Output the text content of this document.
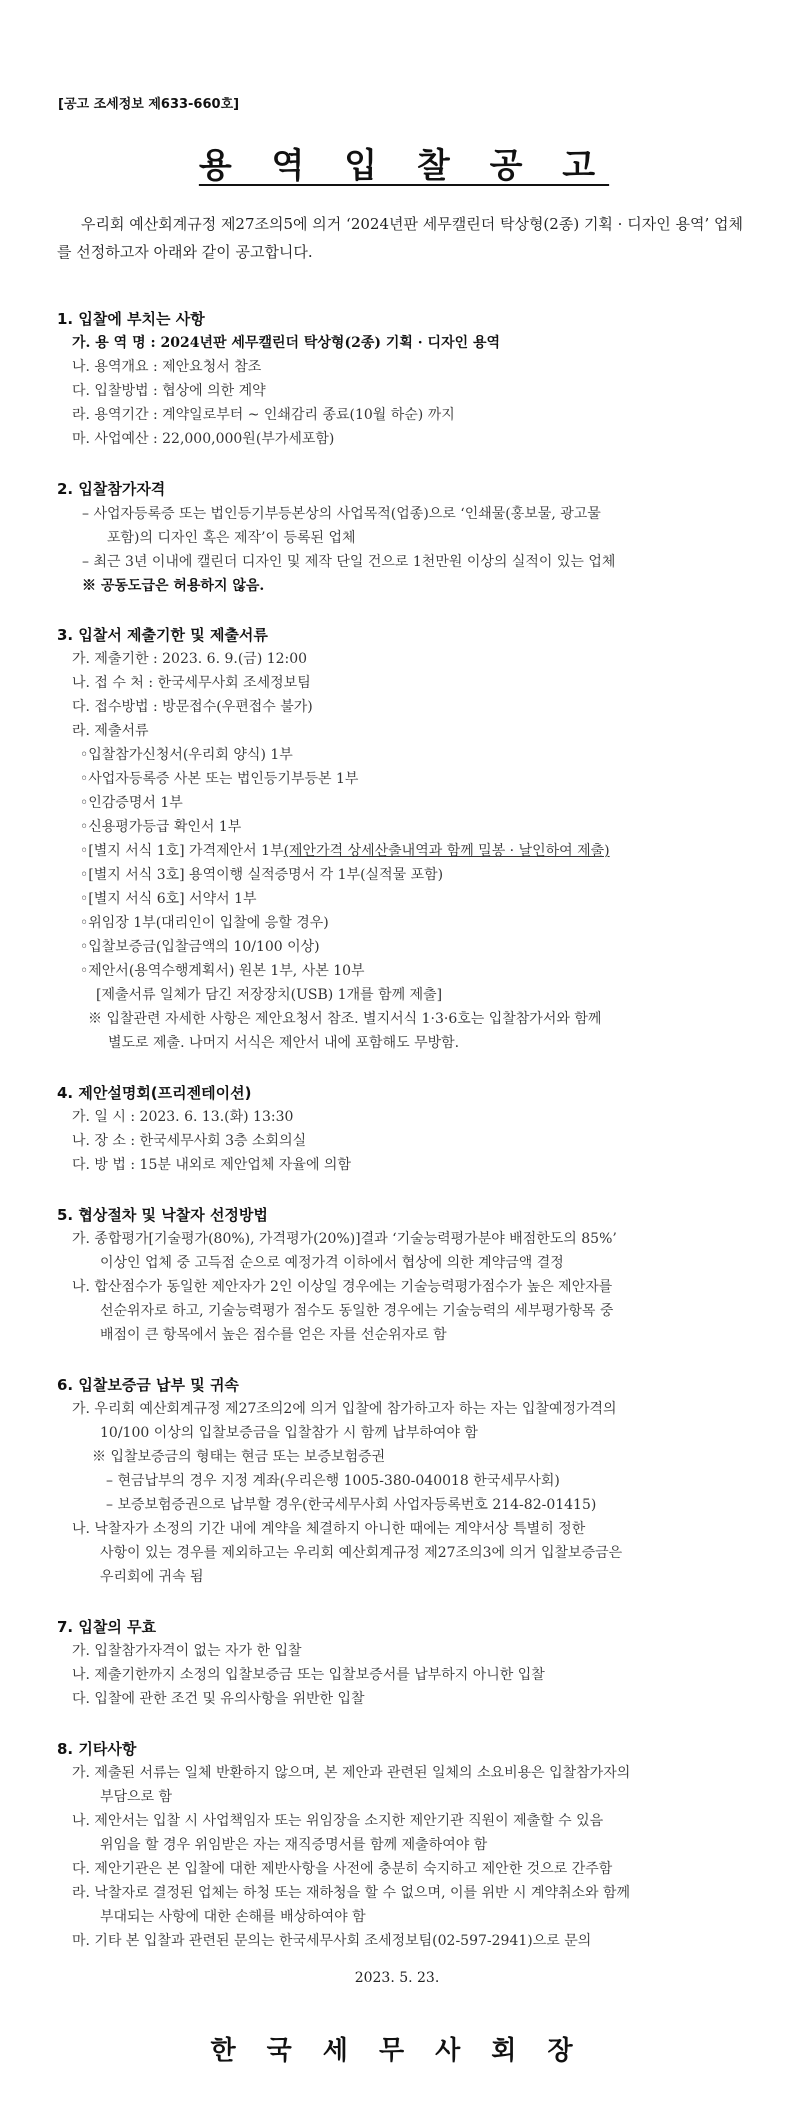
[공고 조세정보 제633-660호]
용 역 입 찰 공 고
우리회 예산회계규정 제27조의5에 의거 ‘2024년판 세무캘린더 탁상형(2종) 기획 · 디자인 용역’ 업체를 선정하고자 아래와 같이 공고합니다.
1. 입찰에 부치는 사항
가. 용 역 명 : 2024년판 세무캘린더 탁상형(2종) 기획 · 디자인 용역
나. 용역개요 : 제안요청서 참조
다. 입찰방법 : 협상에 의한 계약
라. 용역기간 : 계약일로부터 ~ 인쇄감리 종료(10월 하순) 까지
마. 사업예산 : 22,000,000원(부가세포함)
2. 입찰참가자격
– 사업자등록증 또는 법인등기부등본상의 사업목적(업종)으로 ‘인쇄물(홍보물, 광고물
포함)의 디자인 혹은 제작’이 등록된 업체
– 최근 3년 이내에 캘린더 디자인 및 제작 단일 건으로 1천만원 이상의 실적이 있는 업체
※ 공동도급은 허용하지 않음.
3. 입찰서 제출기한 및 제출서류
가. 제출기한 : 2023. 6. 9.(금) 12:00
나. 접 수 처 : 한국세무사회 조세정보팀
다. 접수방법 : 방문접수(우편접수 불가)
라. 제출서류
◦입찰참가신청서(우리회 양식) 1부
◦사업자등록증 사본 또는 법인등기부등본 1부
◦인감증명서 1부
◦신용평가등급 확인서 1부
◦[별지 서식 1호] 가격제안서 1부(제안가격 상세산출내역과 함께 밀봉 · 날인하여 제출)
◦[별지 서식 3호] 용역이행 실적증명서 각 1부(실적물 포함)
◦[별지 서식 6호] 서약서 1부
◦위임장 1부(대리인이 입찰에 응할 경우)
◦입찰보증금(입찰금액의 10/100 이상)
◦제안서(용역수행계획서) 원본 1부, 사본 10부
[제출서류 일체가 담긴 저장장치(USB) 1개를 함께 제출]
※ 입찰관련 자세한 사항은 제안요청서 참조. 별지서식 1·3·6호는 입찰참가서와 함께
별도로 제출. 나머지 서식은 제안서 내에 포함해도 무방함.
4. 제안설명회(프리젠테이션)
가. 일 시 : 2023. 6. 13.(화) 13:30
나. 장 소 : 한국세무사회 3층 소회의실
다. 방 법 : 15분 내외로 제안업체 자율에 의함
5. 협상절차 및 낙찰자 선정방법
가. 종합평가[기술평가(80%), 가격평가(20%)]결과 ‘기술능력평가분야 배점한도의 85%’
이상인 업체 중 고득점 순으로 예정가격 이하에서 협상에 의한 계약금액 결정
나. 합산점수가 동일한 제안자가 2인 이상일 경우에는 기술능력평가점수가 높은 제안자를
선순위자로 하고, 기술능력평가 점수도 동일한 경우에는 기술능력의 세부평가항목 중
배점이 큰 항목에서 높은 점수를 얻은 자를 선순위자로 함
6. 입찰보증금 납부 및 귀속
가. 우리회 예산회계규정 제27조의2에 의거 입찰에 참가하고자 하는 자는 입찰예정가격의
10/100 이상의 입찰보증금을 입찰참가 시 함께 납부하여야 함
※ 입찰보증금의 형태는 현금 또는 보증보험증권
– 현금납부의 경우 지정 계좌(우리은행 1005-380-040018 한국세무사회)
– 보증보험증권으로 납부할 경우(한국세무사회 사업자등록번호 214-82-01415)
나. 낙찰자가 소정의 기간 내에 계약을 체결하지 아니한 때에는 계약서상 특별히 정한
사항이 있는 경우를 제외하고는 우리회 예산회계규정 제27조의3에 의거 입찰보증금은
우리회에 귀속 됨
7. 입찰의 무효
가. 입찰참가자격이 없는 자가 한 입찰
나. 제출기한까지 소정의 입찰보증금 또는 입찰보증서를 납부하지 아니한 입찰
다. 입찰에 관한 조건 및 유의사항을 위반한 입찰
8. 기타사항
가. 제출된 서류는 일체 반환하지 않으며, 본 제안과 관련된 일체의 소요비용은 입찰참가자의
부담으로 함
나. 제안서는 입찰 시 사업책임자 또는 위임장을 소지한 제안기관 직원이 제출할 수 있음
위임을 할 경우 위임받은 자는 재직증명서를 함께 제출하여야 함
다. 제안기관은 본 입찰에 대한 제반사항을 사전에 충분히 숙지하고 제안한 것으로 간주함
라. 낙찰자로 결정된 업체는 하청 또는 재하청을 할 수 없으며, 이를 위반 시 계약취소와 함께
부대되는 사항에 대한 손해를 배상하여야 함
마. 기타 본 입찰과 관련된 문의는 한국세무사회 조세정보팀(02-597-2941)으로 문의
2023. 5. 23.
한 국 세 무 사 회 장
